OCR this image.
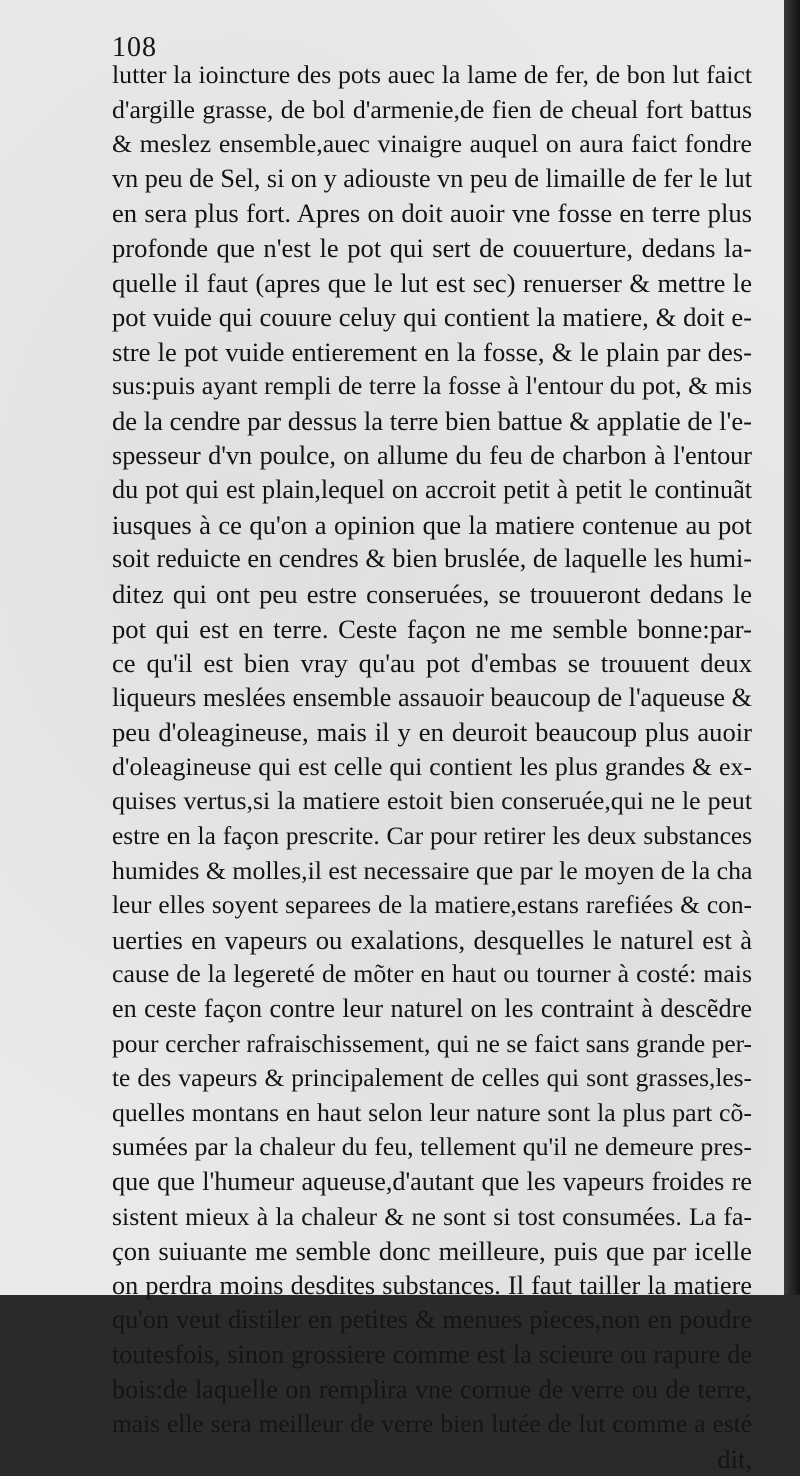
108
lutter la ioincture des pots auec la lame de fer, de bon lut faict
d'argille grasse, de bol d'armenie,de fien de cheual fort battus
& meslez ensemble,auec vinaigre auquel on aura faict fondre
vn peu de Sel, si on y adiouste vn peu de limaille de fer le lut
en sera plus fort. Apres on doit auoir vne fosse en terre plus
profonde que n'est le pot qui sert de couuerture, dedans la-
quelle il faut (apres que le lut est sec) renuerser & mettre le
pot vuide qui couure celuy qui contient la matiere, & doit e-
stre le pot vuide entierement en la fosse, & le plain par des-
sus:puis ayant rempli de terre la fosse à l'entour du pot, & mis
de la cendre par dessus la terre bien battue & applatie de l'e-
spesseur d'vn poulce, on allume du feu de charbon à l'entour
du pot qui est plain,lequel on accroit petit à petit le continuãt
iusques à ce qu'on a opinion que la matiere contenue au pot
soit reduicte en cendres & bien bruslée, de laquelle les humi-
ditez qui ont peu estre conseruées, se trouueront dedans le
pot qui est en terre. Ceste façon ne me semble bonne:par-
ce qu'il est bien vray qu'au pot d'embas se trouuent deux
liqueurs meslées ensemble assauoir beaucoup de l'aqueuse &
peu d'oleagineuse, mais il y en deuroit beaucoup plus auoir
d'oleagineuse qui est celle qui contient les plus grandes & ex-
quises vertus,si la matiere estoit bien conseruée,qui ne le peut
estre en la façon prescrite. Car pour retirer les deux substances
humides & molles,il est necessaire que par le moyen de la cha
leur elles soyent separees de la matiere,estans rarefiées & con-
uerties en vapeurs ou exalations, desquelles le naturel est à
cause de la legereté de mõter en haut ou tourner à costé: mais
en ceste façon contre leur naturel on les contraint à descẽdre
pour cercher rafraischissement, qui ne se faict sans grande per-
te des vapeurs & principalement de celles qui sont grasses,les-
quelles montans en haut selon leur nature sont la plus part cõ-
sumées par la chaleur du feu, tellement qu'il ne demeure pres-
que que l'humeur aqueuse,d'autant que les vapeurs froides re
sistent mieux à la chaleur & ne sont si tost consumées. La fa-
çon suiuante me semble donc meilleure, puis que par icelle
on perdra moins desdites substances. Il faut tailler la matiere
qu'on veut distiler en petites & menues pieces,non en poudre
toutesfois, sinon grossiere comme est la scieure ou rapure de
bois:de laquelle on remplira vne cornue de verre ou de terre,
mais elle sera meilleur de verre bien lutée de lut comme a esté
dit,
